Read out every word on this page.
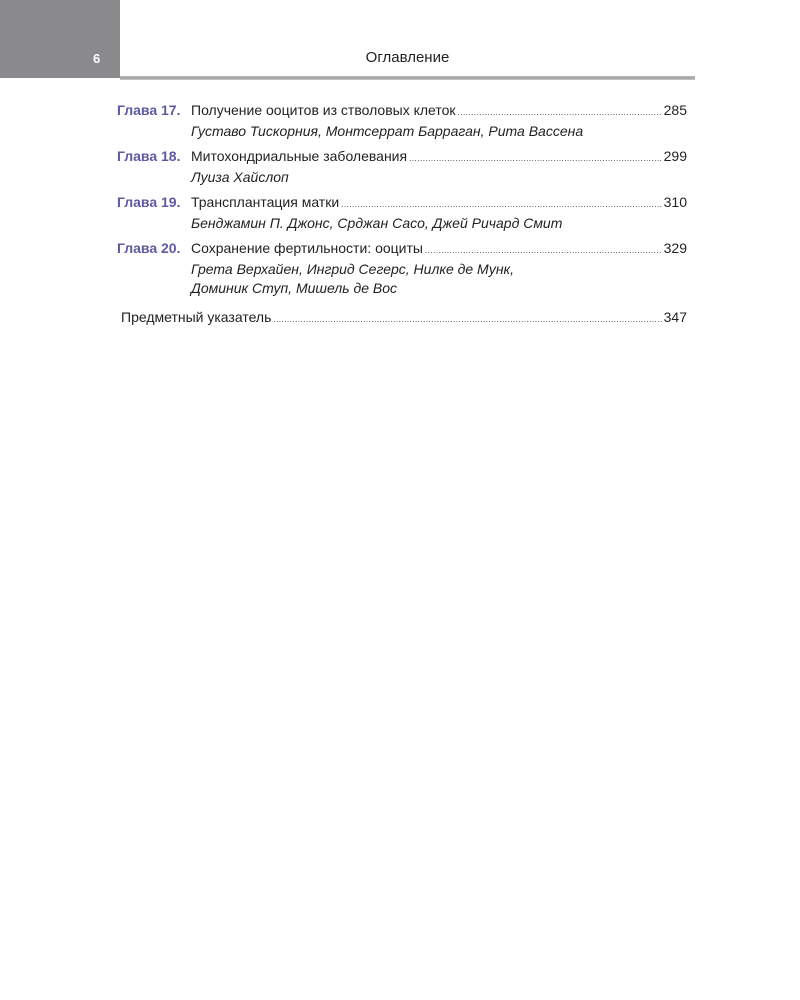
6	Оглавление
Глава 17. Получение ооцитов из стволовых клеток .....	285
Густаво Тискорния, Монтсеррат Барраган, Рита Вассена
Глава 18. Митохондриальные заболевания .....	299
Луиза Хайслоп
Глава 19. Трансплантация матки .....	310
Бенджамин П. Джонс, Срджан Сасо, Джей Ричард Смит
Глава 20. Сохранение фертильности: ооциты .....	329
Грета Верхайен, Ингрид Сегерс, Нилке де Мунк,
Доминик Ступ, Мишель де Вос
Предметный указатель .....	347
